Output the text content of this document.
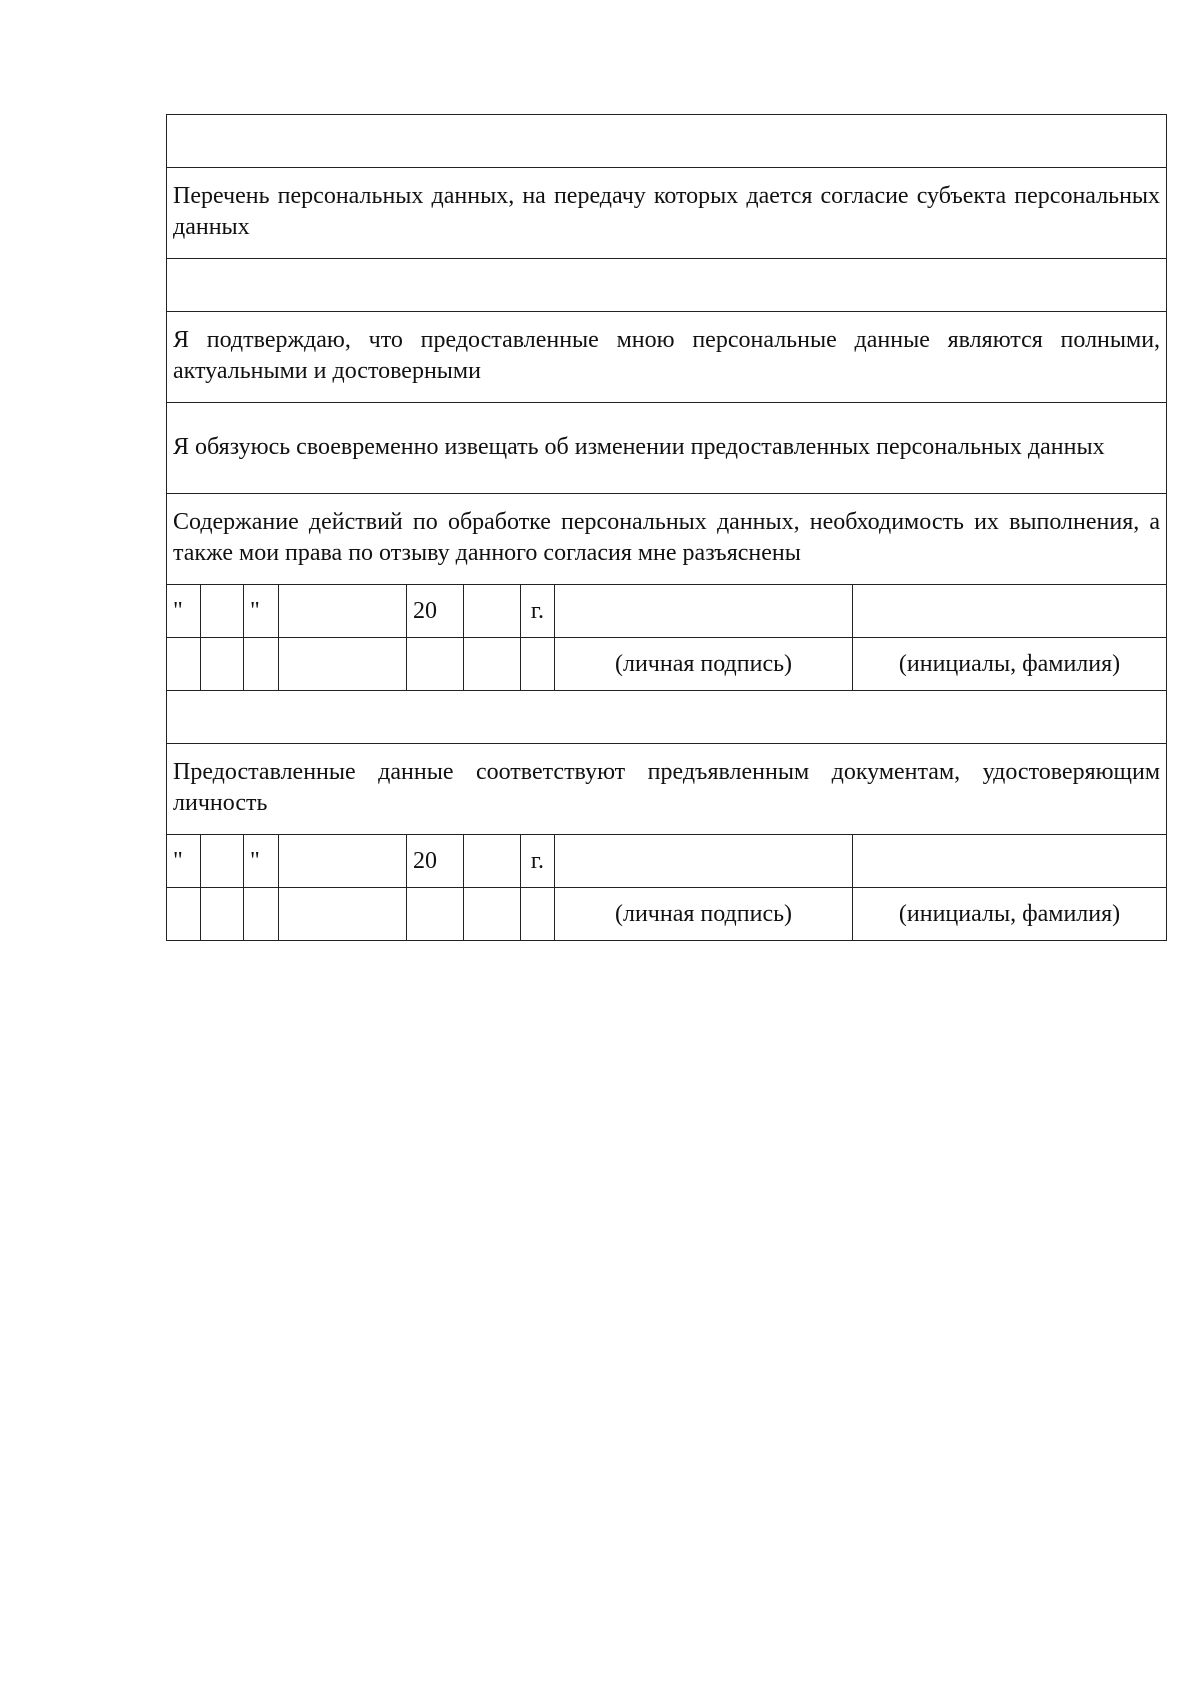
Перечень персональных данных, на передачу которых дается согласие субъекта персональных данных								

Я подтверждаю, что предоставленные мною персональные данные являются полными, актуальными и достоверными								
Я обязуюсь своевременно извещать об изменении предоставленных персональных данных								
Содержание действий по обработке персональных данных, необходимость их выполнения, а также мои права по отзыву данного согласия мне разъяснены								
"		"		20		г.		
							(личная подпись)	(инициалы, фамилия)

Предоставленные данные соответствуют предъявленным документам, удостоверяющим личность								
"		"		20		г.		
							(личная подпись)	(инициалы, фамилия)
